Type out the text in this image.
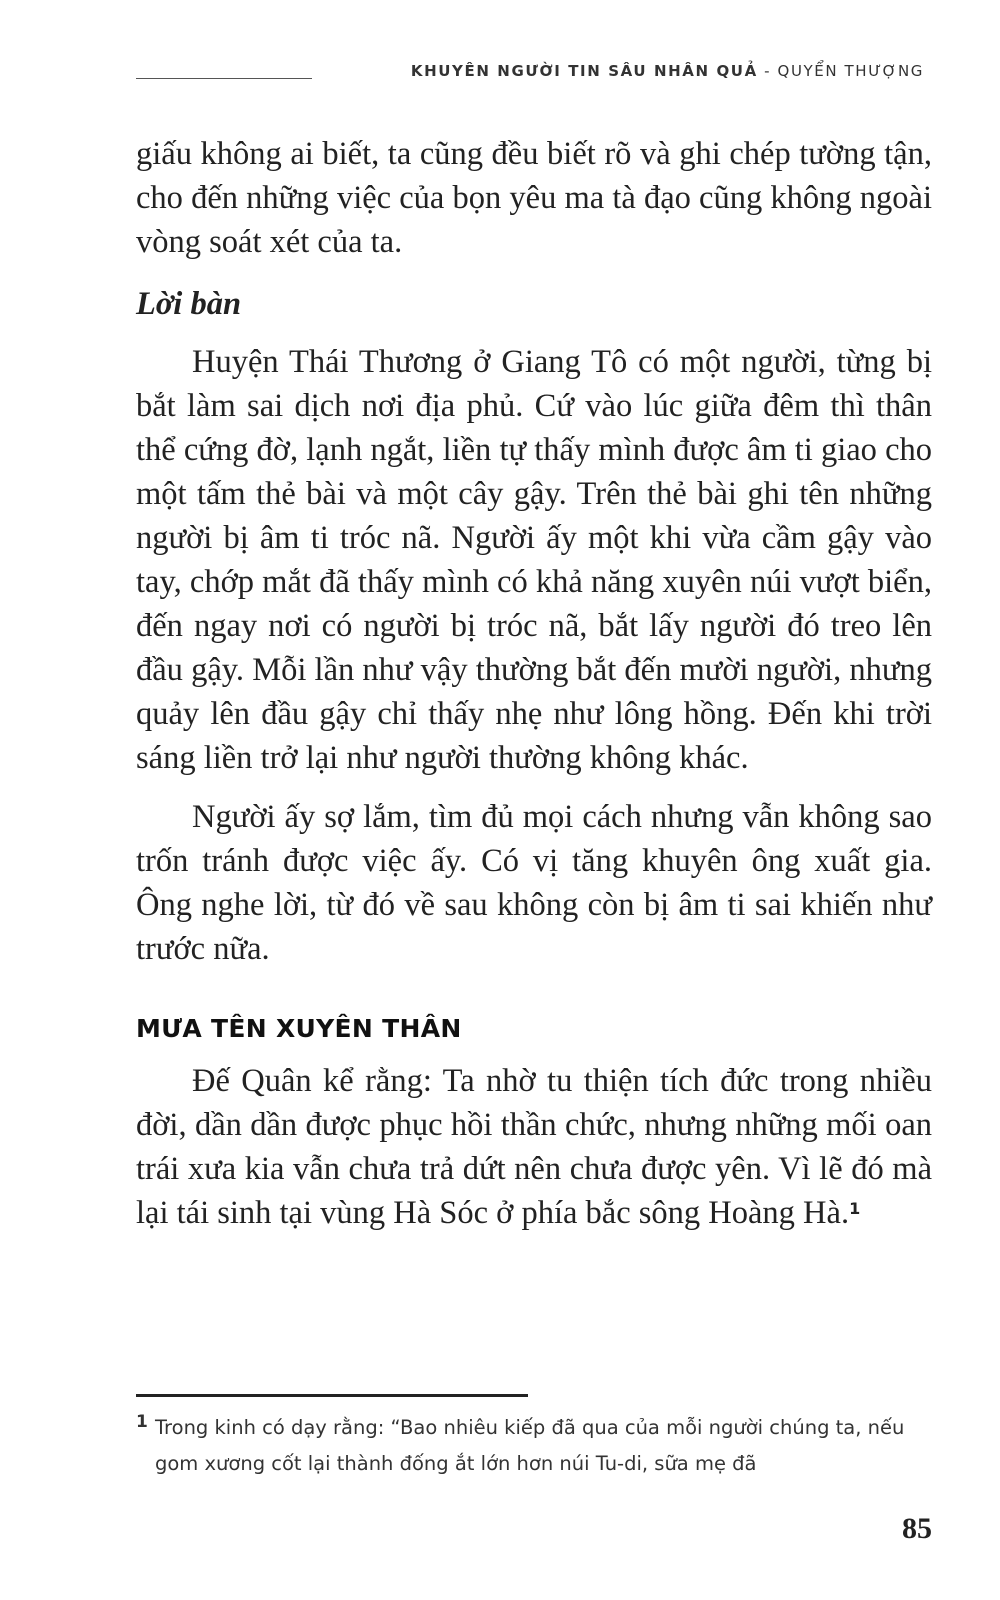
KHUYÊN NGƯỜI TIN SÂU NHÂN QUẢ - QUYỂN THƯỢNG

giấu không ai biết, ta cũng đều biết rõ và ghi chép tường tận, cho đến những việc của bọn yêu ma tà đạo cũng không ngoài vòng soát xét của ta.

Lời bàn

Huyện Thái Thương ở Giang Tô có một người, từng bị bắt làm sai dịch nơi địa phủ. Cứ vào lúc giữa đêm thì thân thể cứng đờ, lạnh ngắt, liền tự thấy mình được âm ti giao cho một tấm thẻ bài và một cây gậy. Trên thẻ bài ghi tên những người bị âm ti tróc nã. Người ấy một khi vừa cầm gậy vào tay, chớp mắt đã thấy mình có khả năng xuyên núi vượt biển, đến ngay nơi có người bị tróc nã, bắt lấy người đó treo lên đầu gậy. Mỗi lần như vậy thường bắt đến mười người, nhưng quảy lên đầu gậy chỉ thấy nhẹ như lông hồng. Đến khi trời sáng liền trở lại như người thường không khác.

Người ấy sợ lắm, tìm đủ mọi cách nhưng vẫn không sao trốn tránh được việc ấy. Có vị tăng khuyên ông xuất gia. Ông nghe lời, từ đó về sau không còn bị âm ti sai khiến như trước nữa.

MƯA TÊN XUYÊN THÂN

Đế Quân kể rằng: Ta nhờ tu thiện tích đức trong nhiều đời, dần dần được phục hồi thần chức, nhưng những mối oan trái xưa kia vẫn chưa trả dứt nên chưa được yên. Vì lẽ đó mà lại tái sinh tại vùng Hà Sóc ở phía bắc sông Hoàng Hà.$^1$

1 Trong kinh có dạy rằng: “Bao nhiêu kiếp đã qua của mỗi người chúng ta, nếu gom xương cốt lại thành đống ắt lớn hơn núi Tu-di, sữa mẹ đã
85
